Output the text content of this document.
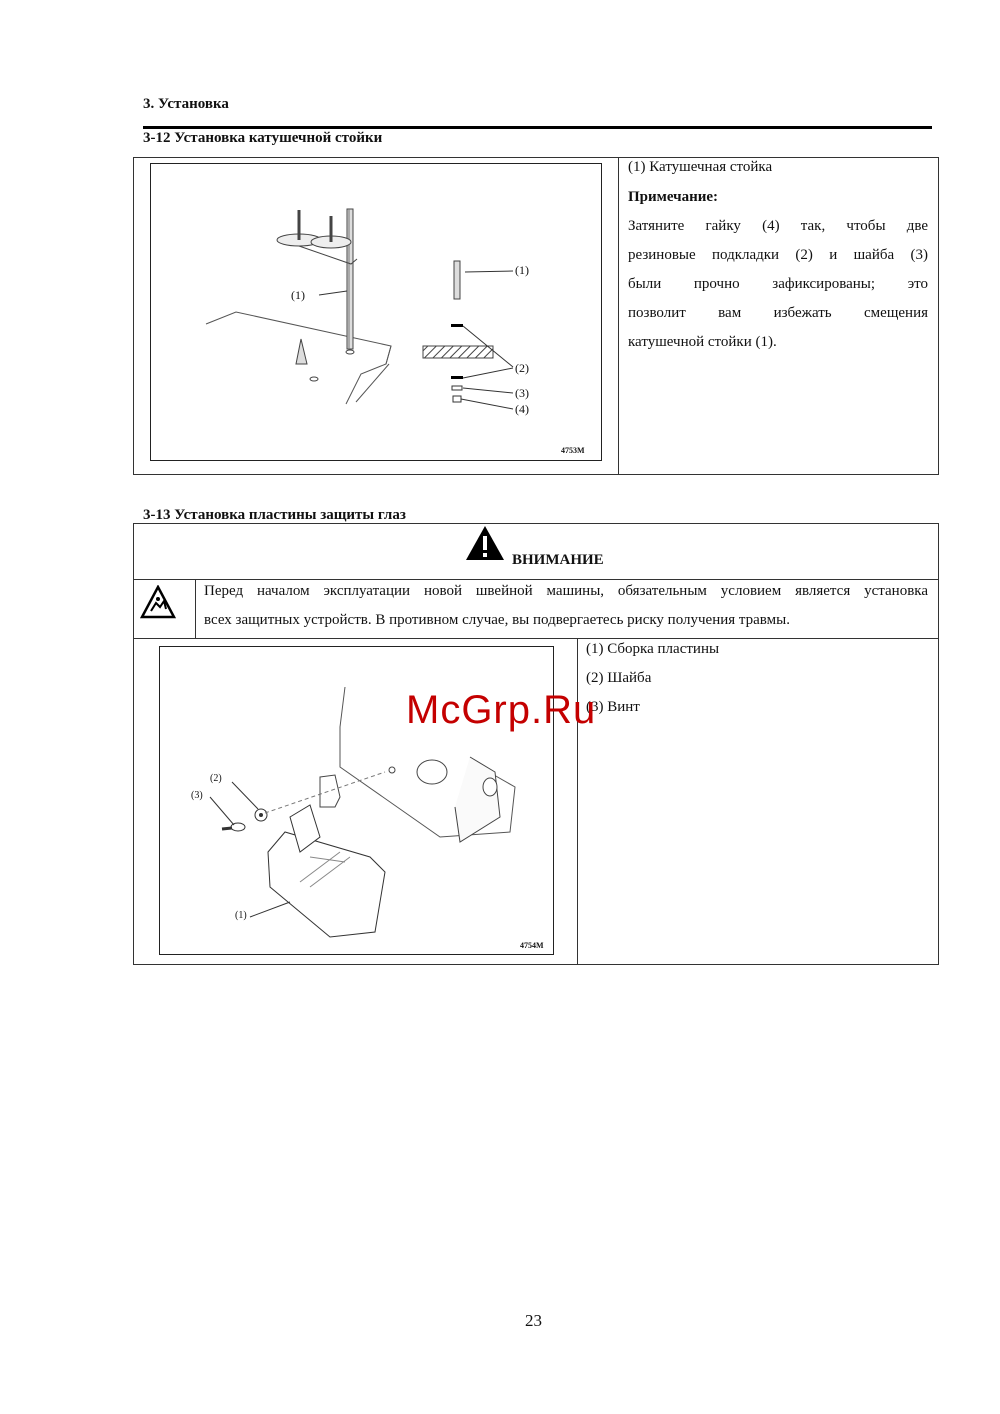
3. Установка
3-12 Установка катушечной стойки
(1)
(1)
(2)
(3)
(4)
4753M
(1) Катушечная стойка
Примечание:
Затяните гайку (4) так, чтобы две
резиновые подкладки (2) и шайба (3)
были прочно зафиксированы; это
позволит вам избежать смещения
катушечной стойки (1).
3-13 Установка пластины защиты глаз
ВНИМАНИЕ
Перед началом эксплуатации новой швейной машины, обязательным условием является установка
всех защитных устройств. В противном случае, вы подвергаетесь риску получения травмы.
(2)
(3)
(1)
4754M
(1) Сборка пластины
(2) Шайба
(3) Винт
McGrp.Ru
23
